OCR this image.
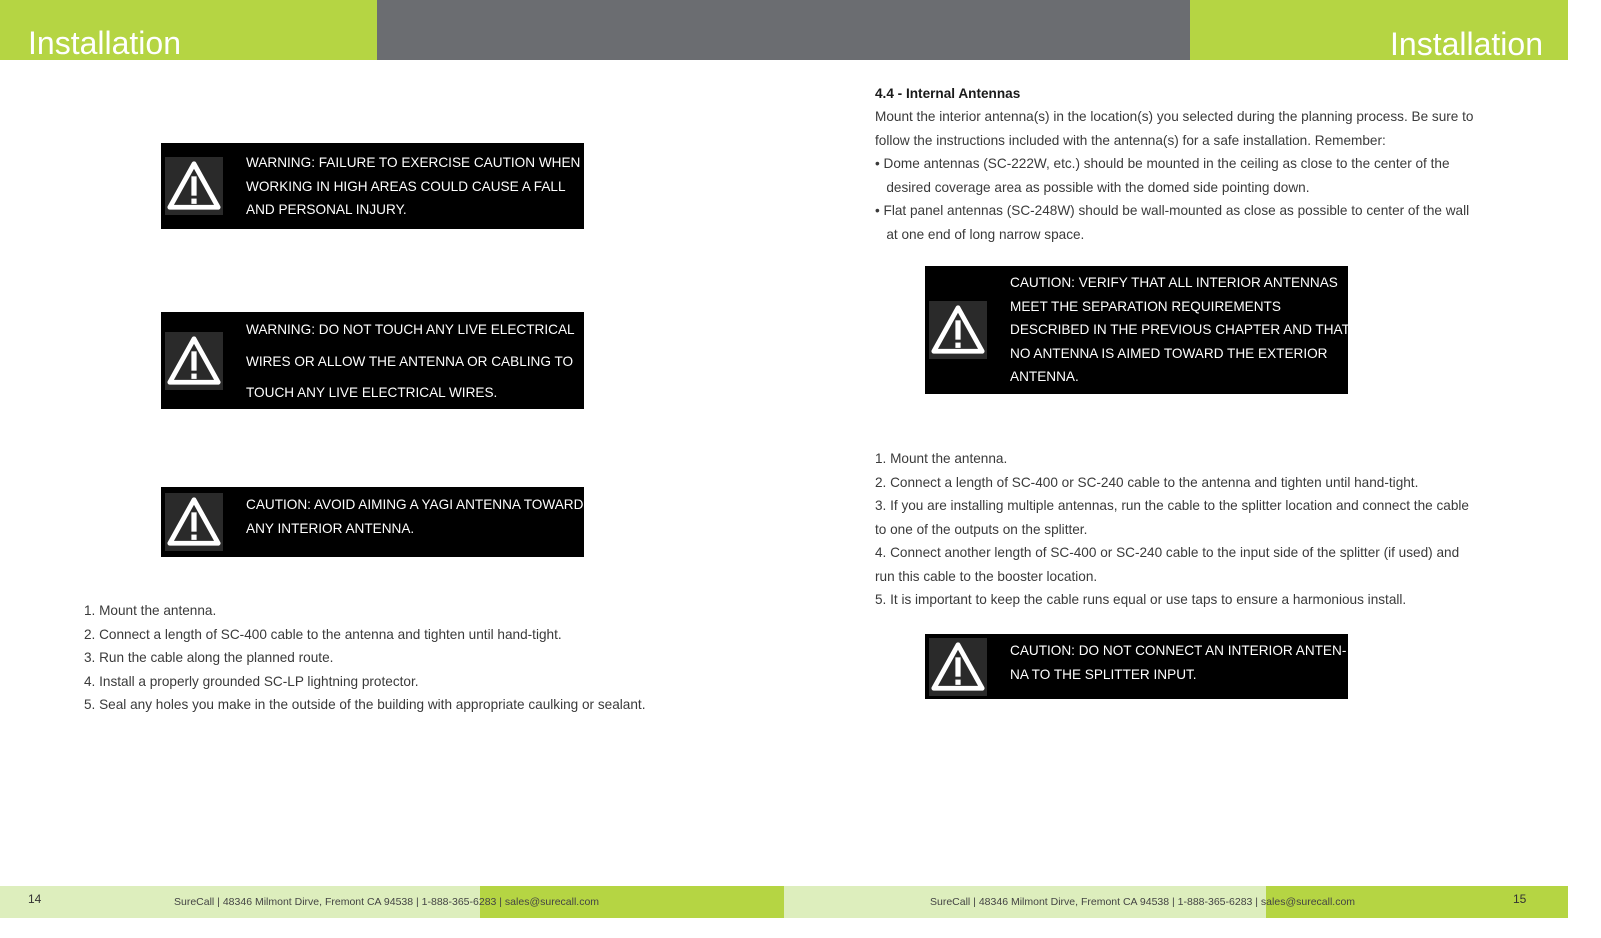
Installation	Installation
WARNING: FAILURE TO EXERCISE CAUTION WHEN
WORKING IN HIGH AREAS COULD CAUSE A FALL
AND PERSONAL INJURY.
WARNING: DO NOT TOUCH ANY LIVE ELECTRICAL
WIRES OR ALLOW THE ANTENNA OR CABLING TO
TOUCH ANY LIVE ELECTRICAL WIRES.
CAUTION: AVOID AIMING A YAGI ANTENNA TOWARD
ANY INTERIOR ANTENNA.
1. Mount the antenna.
2. Connect a length of SC-400 cable to the antenna and tighten until hand-tight.
3. Run the cable along the planned route.
4. Install a properly grounded SC-LP lightning protector.
5. Seal any holes you make in the outside of the building with appropriate caulking or sealant.
4.4 - Internal Antennas
Mount the interior antenna(s) in the location(s) you selected during the planning process. Be sure to
follow the instructions included with the antenna(s) for a safe installation. Remember:
• Dome antennas (SC-222W, etc.) should be mounted in the ceiling as close to the center of the
desired coverage area as possible with the domed side pointing down.
• Flat panel antennas (SC-248W) should be wall-mounted as close as possible to center of the wall
at one end of long narrow space.
CAUTION: VERIFY THAT ALL INTERIOR ANTENNAS
MEET THE SEPARATION REQUIREMENTS
DESCRIBED IN THE PREVIOUS CHAPTER AND THAT
NO ANTENNA IS AIMED TOWARD THE EXTERIOR
ANTENNA.
1. Mount the antenna.
2. Connect a length of SC-400 or SC-240 cable to the antenna and tighten until hand-tight.
3. If you are installing multiple antennas, run the cable to the splitter location and connect the cable
to one of the outputs on the splitter.
4. Connect another length of SC-400 or SC-240 cable to the input side of the splitter (if used) and
run this cable to the booster location.
5. It is important to keep the cable runs equal or use taps to ensure a harmonious install.
CAUTION: DO NOT CONNECT AN INTERIOR ANTEN-
NA TO THE SPLITTER INPUT.
14	SureCall | 48346 Milmont Dirve, Fremont CA 94538 | 1-888-365-6283 | sales@surecall.com	SureCall | 48346 Milmont Dirve, Fremont CA 94538 | 1-888-365-6283 | sales@surecall.com	15
